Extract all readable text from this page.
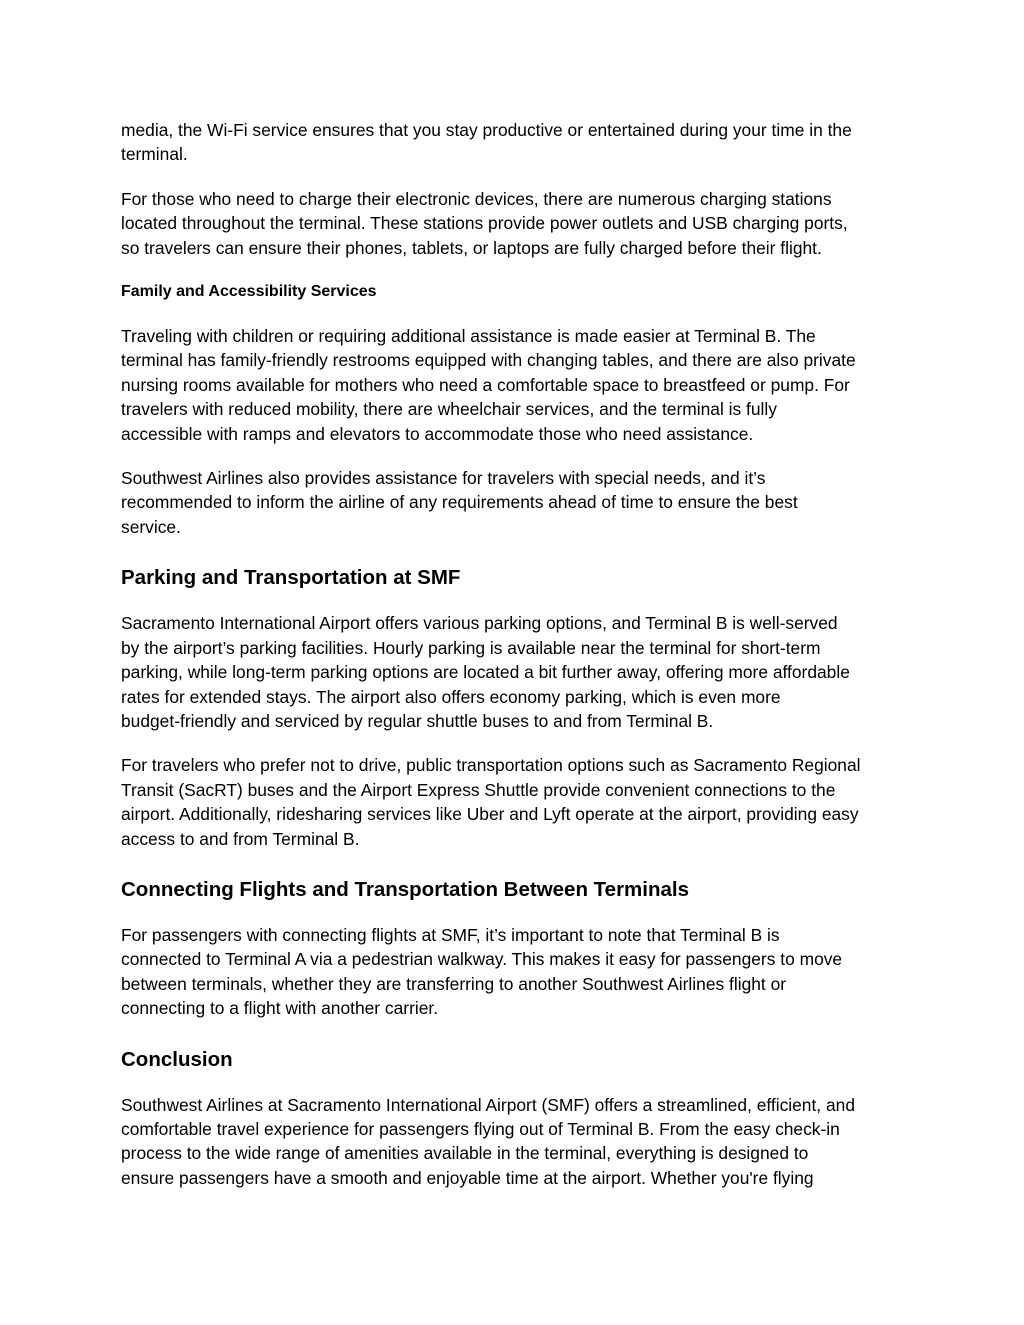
media, the Wi-Fi service ensures that you stay productive or entertained during your time in the
terminal.

For those who need to charge their electronic devices, there are numerous charging stations
located throughout the terminal. These stations provide power outlets and USB charging ports,
so travelers can ensure their phones, tablets, or laptops are fully charged before their flight.

Family and Accessibility Services

Traveling with children or requiring additional assistance is made easier at Terminal B. The
terminal has family-friendly restrooms equipped with changing tables, and there are also private
nursing rooms available for mothers who need a comfortable space to breastfeed or pump. For
travelers with reduced mobility, there are wheelchair services, and the terminal is fully
accessible with ramps and elevators to accommodate those who need assistance.

Southwest Airlines also provides assistance for travelers with special needs, and it’s
recommended to inform the airline of any requirements ahead of time to ensure the best
service.

Parking and Transportation at SMF

Sacramento International Airport offers various parking options, and Terminal B is well-served
by the airport’s parking facilities. Hourly parking is available near the terminal for short-term
parking, while long-term parking options are located a bit further away, offering more affordable
rates for extended stays. The airport also offers economy parking, which is even more
budget-friendly and serviced by regular shuttle buses to and from Terminal B.

For travelers who prefer not to drive, public transportation options such as Sacramento Regional
Transit (SacRT) buses and the Airport Express Shuttle provide convenient connections to the
airport. Additionally, ridesharing services like Uber and Lyft operate at the airport, providing easy
access to and from Terminal B.

Connecting Flights and Transportation Between Terminals

For passengers with connecting flights at SMF, it’s important to note that Terminal B is
connected to Terminal A via a pedestrian walkway. This makes it easy for passengers to move
between terminals, whether they are transferring to another Southwest Airlines flight or
connecting to a flight with another carrier.

Conclusion

Southwest Airlines at Sacramento International Airport (SMF) offers a streamlined, efficient, and
comfortable travel experience for passengers flying out of Terminal B. From the easy check-in
process to the wide range of amenities available in the terminal, everything is designed to
ensure passengers have a smooth and enjoyable time at the airport. Whether you're flying
